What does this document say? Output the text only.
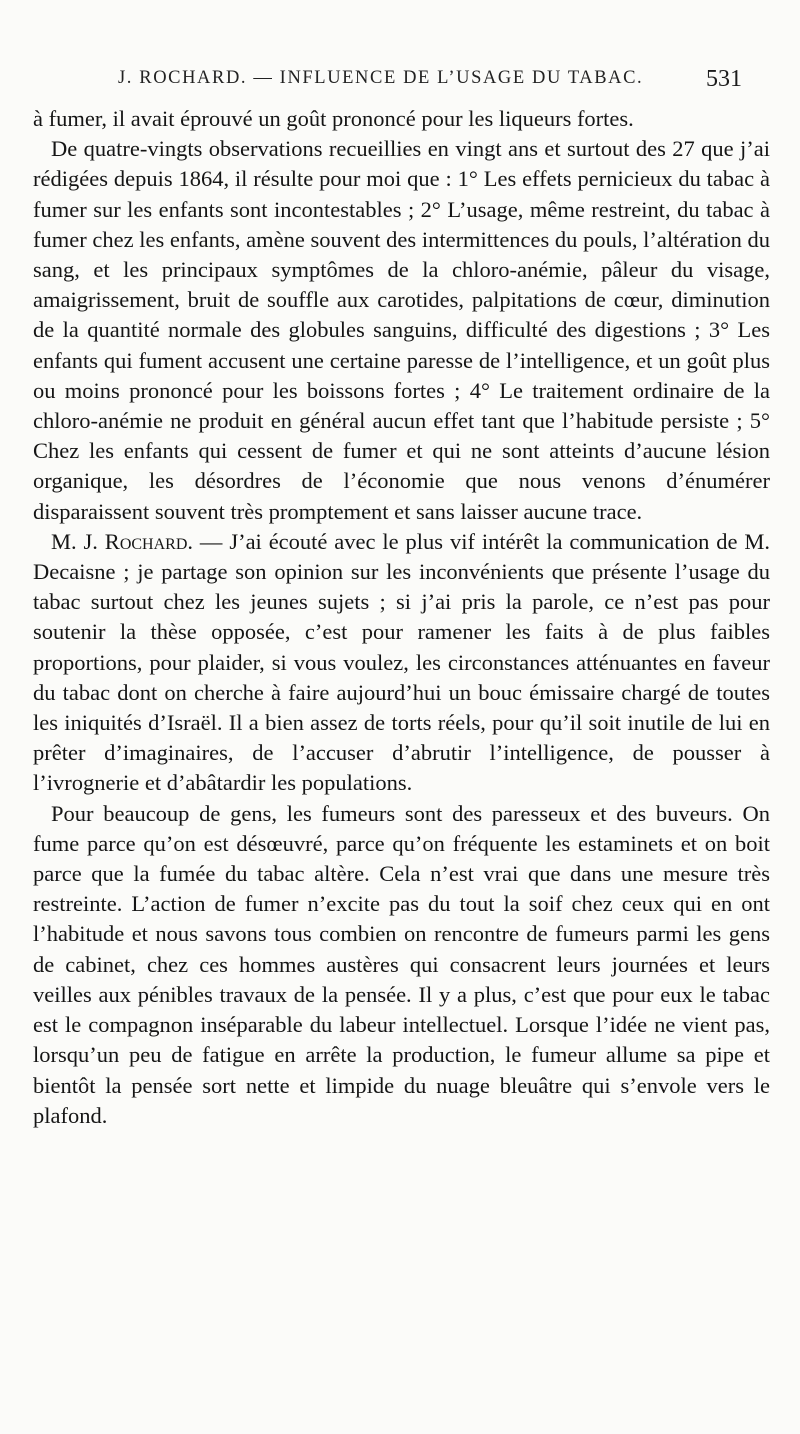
J. ROCHARD. — INFLUENCE DE L’USAGE DU TABAC.	531

à fumer, il avait éprouvé un goût prononcé pour les liqueurs fortes.

De quatre-vingts observations recueillies en vingt ans et surtout des 27 que j’ai rédigées depuis 1864, il résulte pour moi que : 1° Les effets pernicieux du tabac à fumer sur les enfants sont incontestables ; 2° L’usage, même restreint, du tabac à fumer chez les enfants, amène souvent des intermittences du pouls, l’altération du sang, et les principaux symptômes de la chloro-anémie, pâleur du visage, amaigrissement, bruit de souffle aux carotides, palpitations de cœur, diminution de la quantité normale des globules sanguins, difficulté des digestions ; 3° Les enfants qui fument accusent une certaine paresse de l’intelligence, et un goût plus ou moins prononcé pour les boissons fortes ; 4° Le traitement ordinaire de la chloro-anémie ne produit en général aucun effet tant que l’habitude persiste ; 5° Chez les enfants qui cessent de fumer et qui ne sont atteints d’aucune lésion organique, les désordres de l’économie que nous venons d’énumérer disparaissent souvent très promptement et sans laisser aucune trace.

M. J. Rochard. — J’ai écouté avec le plus vif intérêt la communication de M. Decaisne ; je partage son opinion sur les inconvénients que présente l’usage du tabac surtout chez les jeunes sujets ; si j’ai pris la parole, ce n’est pas pour soutenir la thèse opposée, c’est pour ramener les faits à de plus faibles proportions, pour plaider, si vous voulez, les circonstances atténuantes en faveur du tabac dont on cherche à faire aujourd’hui un bouc émissaire chargé de toutes les iniquités d’Israël. Il a bien assez de torts réels, pour qu’il soit inutile de lui en prêter d’imaginaires, de l’accuser d’abrutir l’intelligence, de pousser à l’ivrognerie et d’abâtardir les populations.

Pour beaucoup de gens, les fumeurs sont des paresseux et des buveurs. On fume parce qu’on est désœuvré, parce qu’on fréquente les estaminets et on boit parce que la fumée du tabac altère. Cela n’est vrai que dans une mesure très restreinte. L’action de fumer n’excite pas du tout la soif chez ceux qui en ont l’habitude et nous savons tous combien on rencontre de fumeurs parmi les gens de cabinet, chez ces hommes austères qui consacrent leurs journées et leurs veilles aux pénibles travaux de la pensée. Il y a plus, c’est que pour eux le tabac est le compagnon inséparable du labeur intellectuel. Lorsque l’idée ne vient pas, lorsqu’un peu de fatigue en arrête la production, le fumeur allume sa pipe et bientôt la pensée sort nette et limpide du nuage bleuâtre qui s’envole vers le plafond.
